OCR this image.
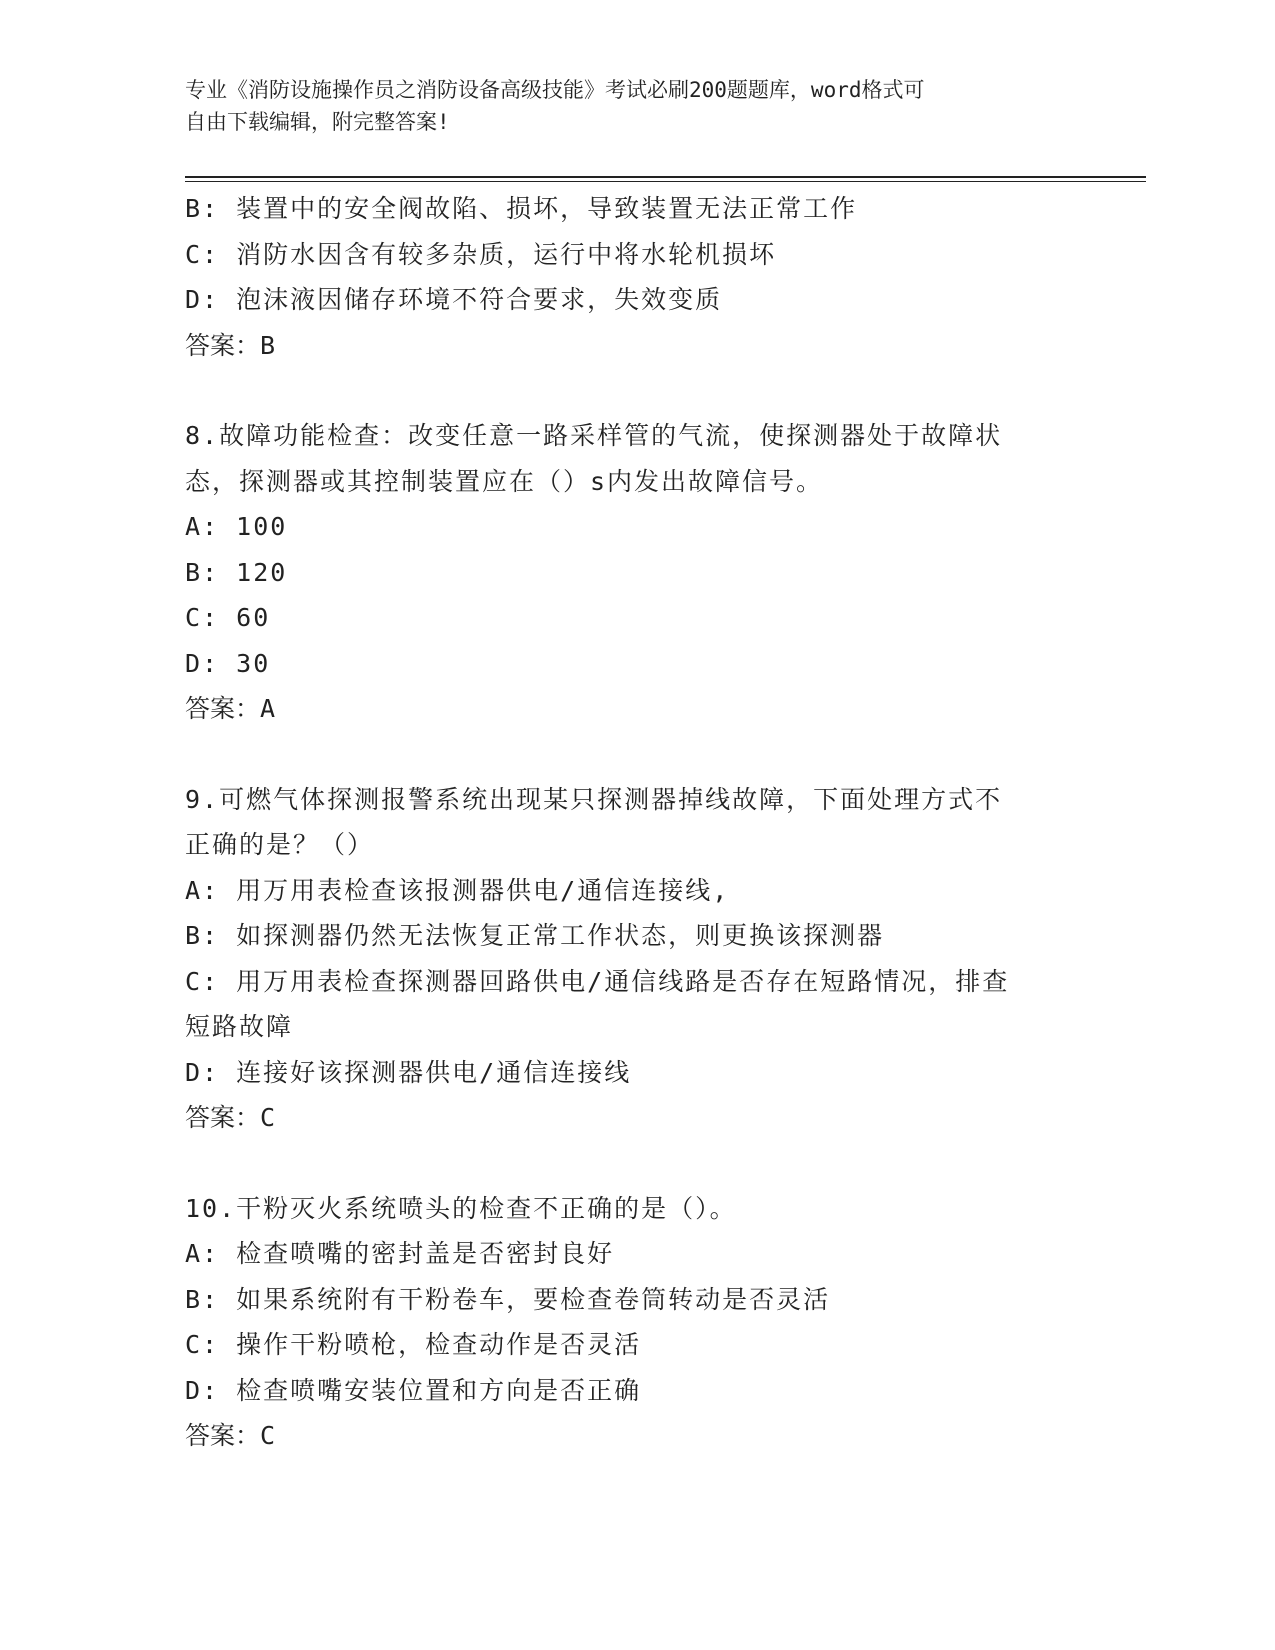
专业《消防设施操作员之消防设备高级技能》考试必刷200题题库，word格式可
自由下载编辑，附完整答案!
B: 装置中的安全阀故陷、损坏，导致装置无法正常工作
C: 消防水因含有较多杂质，运行中将水轮机损坏
D: 泡沫液因储存环境不符合要求，失效变质
答案：B
8.故障功能检查：改变任意一路采样管的气流，使探测器处于故障状
态，探测器或其控制装置应在（）s内发出故障信号。
A: 100
B: 120
C: 60
D: 30
答案：A
9.可燃气体探测报警系统出现某只探测器掉线故障，下面处理方式不
正确的是？（）
A: 用万用表检查该报测器供电/通信连接线,
B: 如探测器仍然无法恢复正常工作状态，则更换该探测器
C: 用万用表检查探测器回路供电/通信线路是否存在短路情况，排查
短路故障
D: 连接好该探测器供电/通信连接线
答案：C
10.干粉灭火系统喷头的检查不正确的是（）。
A: 检查喷嘴的密封盖是否密封良好
B: 如果系统附有干粉卷车，要检查卷筒转动是否灵活
C: 操作干粉喷枪，检查动作是否灵活
D: 检查喷嘴安装位置和方向是否正确
答案：C
